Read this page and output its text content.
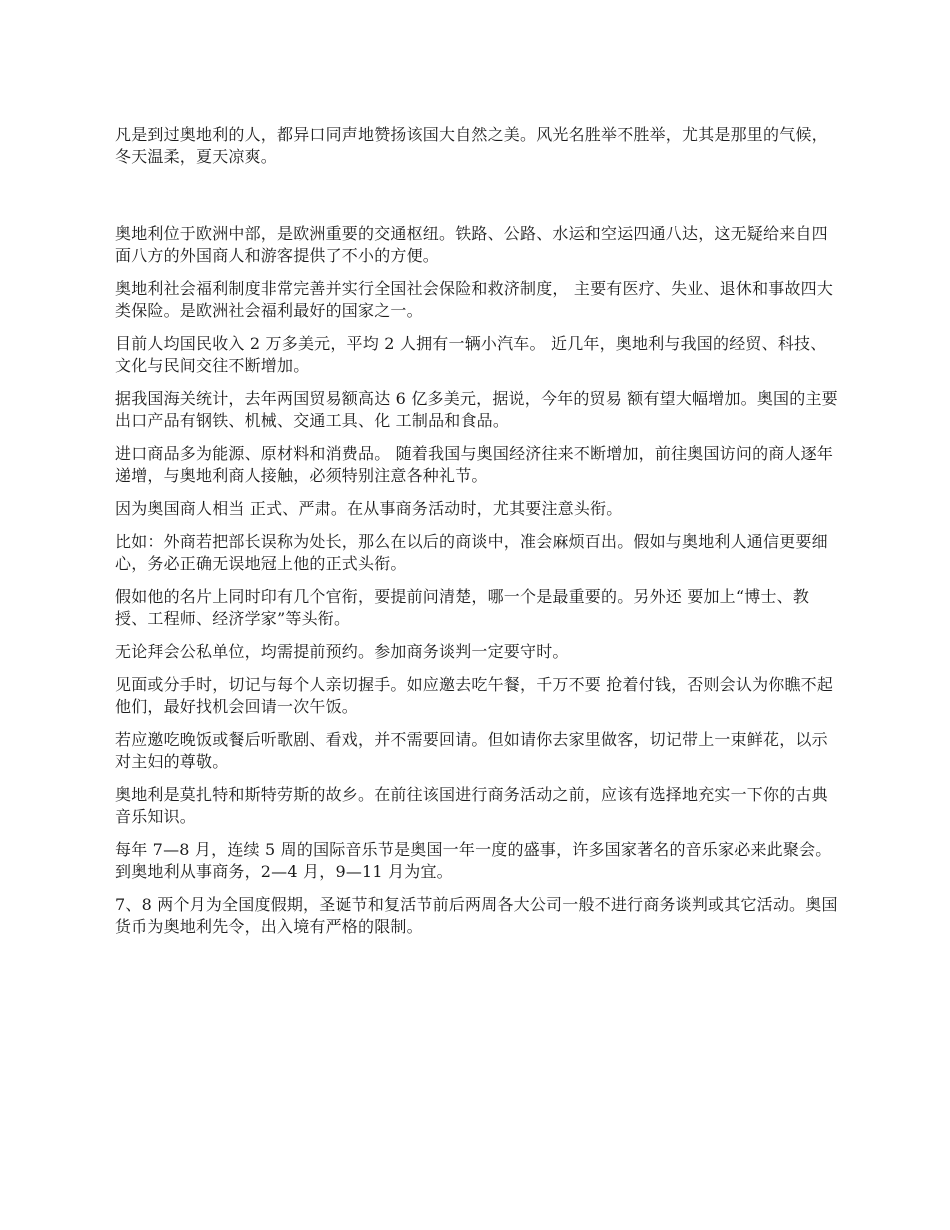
凡是到过奥地利的人，都异口同声地赞扬该国大自然之美。风光名胜举不胜举，尤其是那里的气候，冬天温柔，夏天凉爽。

奥地利位于欧洲中部，是欧洲重要的交通枢纽。铁路、公路、水运和空运四通八达，这无疑给来自四面八方的外国商人和游客提供了不小的方便。

奥地利社会福利制度非常完善并实行全国社会保险和救济制度， 主要有医疗、失业、退休和事故四大类保险。是欧洲社会福利最好的国家之一。

目前人均国民收入 2 万多美元，平均 2 人拥有一辆小汽车。 近几年，奥地利与我国的经贸、科技、文化与民间交往不断增加。

据我国海关统计，去年两国贸易额高达 6 亿多美元，据说，今年的贸易 额有望大幅增加。奥国的主要出口产品有钢铁、机械、交通工具、化 工制品和食品。

进口商品多为能源、原材料和消费品。 随着我国与奥国经济往来不断增加，前往奥国访问的商人逐年递增，与奥地利商人接触，必须特别注意各种礼节。

因为奥国商人相当 正式、严肃。在从事商务活动时，尤其要注意头衔。

比如：外商若把部长误称为处长，那么在以后的商谈中，准会麻烦百出。假如与奥地利人通信更要细心，务必正确无误地冠上他的正式头衔。

假如他的名片上同时印有几个官衔，要提前问清楚，哪一个是最重要的。另外还 要加上“博士、教授、工程师、经济学家”等头衔。

无论拜会公私单位，均需提前预约。参加商务谈判一定要守时。

见面或分手时，切记与每个人亲切握手。如应邀去吃午餐，千万不要 抢着付钱，否则会认为你瞧不起他们，最好找机会回请一次午饭。

若应邀吃晚饭或餐后听歌剧、看戏，并不需要回请。但如请你去家里做客，切记带上一束鲜花，以示对主妇的尊敬。

奥地利是莫扎特和斯特劳斯的故乡。在前往该国进行商务活动之前，应该有选择地充实一下你的古典音乐知识。

每年 7—8 月，连续 5 周的国际音乐节是奥国一年一度的盛事，许多国家著名的音乐家必来此聚会。 到奥地利从事商务，2—4 月，9—11 月为宜。

7、8 两个月为全国度假期，圣诞节和复活节前后两周各大公司一般不进行商务谈判或其它活动。奥国货币为奥地利先令，出入境有严格的限制。
